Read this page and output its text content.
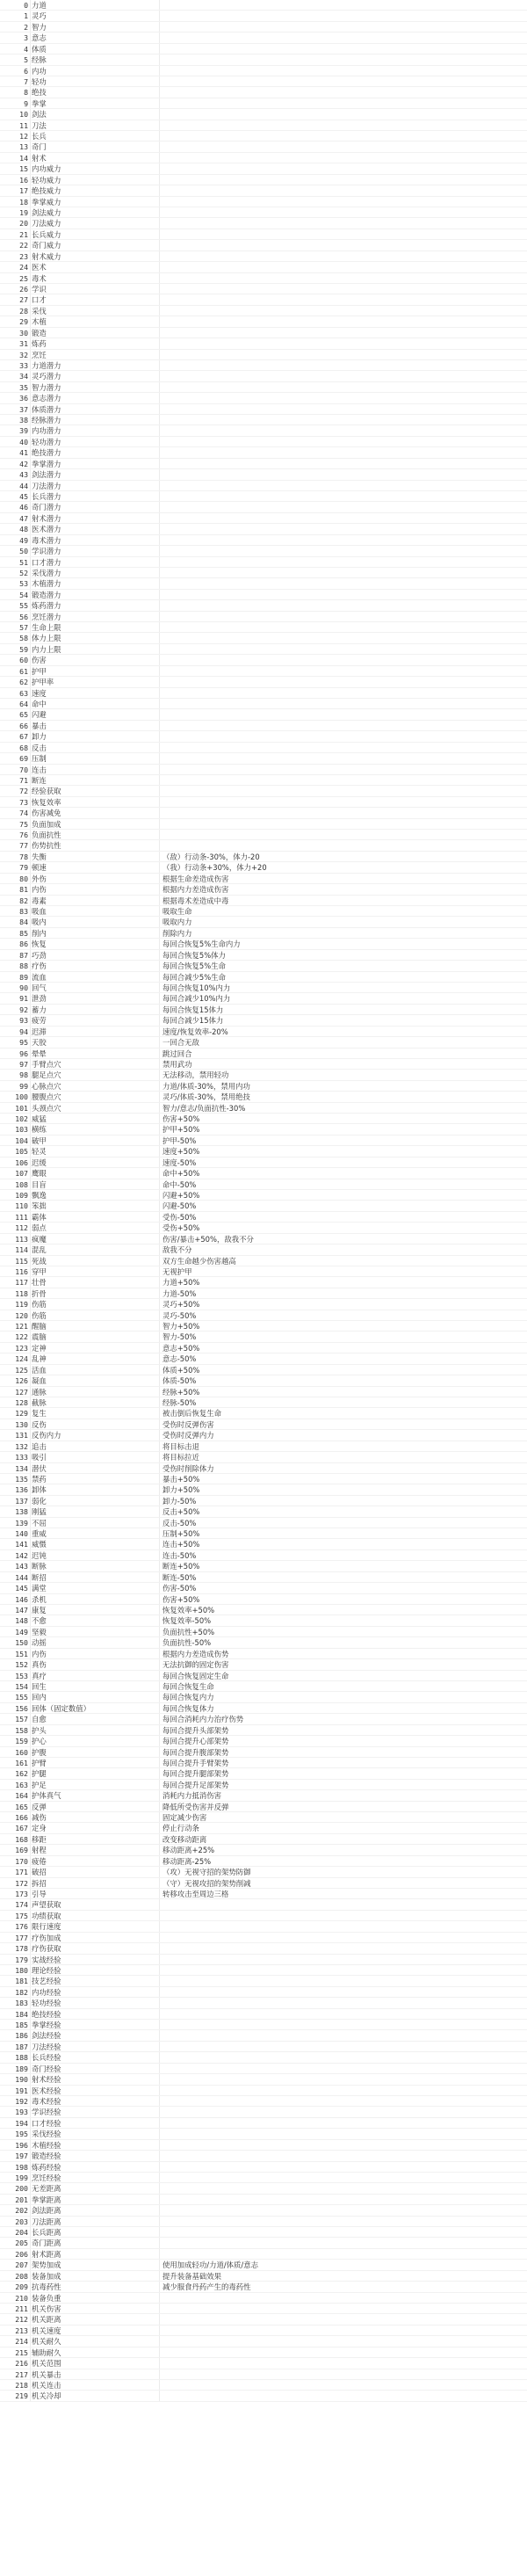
0 力道
1 灵巧
2 智力
3 意志
4 体质
5 经脉
6 内功
7 轻功
8 绝技
9 拳掌
10 剑法
11 刀法
12 长兵
13 奇门
14 射术
15 内功威力
16 轻功威力
17 绝技威力
18 拳掌威力
19 剑法威力
20 刀法威力
21 长兵威力
22 奇门威力
23 射术威力
24 医术
25 毒术
26 学识
27 口才
28 采伐
29 木植
30 锻造
31 炼药
32 烹饪
33 力道潜力
34 灵巧潜力
35 智力潜力
36 意志潜力
37 体质潜力
38 经脉潜力
39 内功潜力
40 轻功潜力
41 绝技潜力
42 拳掌潜力
43 剑法潜力
44 刀法潜力
45 长兵潜力
46 奇门潜力
47 射术潜力
48 医术潜力
49 毒术潜力
50 学识潜力
51 口才潜力
52 采伐潜力
53 木植潜力
54 锻造潜力
55 炼药潜力
56 烹饪潜力
57 生命上限
58 体力上限
59 内力上限
60 伤害
61 护甲
62 护甲率
63 速度
64 命中
65 闪避
66 暴击
67 卸力
68 反击
69 压制
70 连击
71 断连
72 经验获取
73 恢复效率
74 伤害减免
75 负面加成
76 负面抗性
77 伤势抗性
78 失衡	（敌）行动条-30%，体力-20
79 顿速	（我）行动条+30%，体力+20
80 外伤	根据生命差造成伤害
81 内伤	根据内力差造成伤害
82 毒素	根据毒术差造成中毒
83 吸血	吸取生命
84 吸内	吸取内力
85 削内	削除内力
86 恢复	每回合恢复5%生命内力
87 巧劲	每回合恢复5%体力
88 疗伤	每回合恢复5%生命
89 流血	每回合减少5%生命
90 回气	每回合恢复10%内力
91 泄劲	每回合减少10%内力
92 蓄力	每回合恢复15体力
93 疲劳	每回合减少15体力
94 迟滞	速度/恢复效率-20%
95 天胶	一回合无敌
96 晕晕	跳过回合
97 手臂点穴	禁用武功
98 腿足点穴	无法移动，禁用轻功
99 心脉点穴	力道/体质-30%，禁用内功
100 腰腹点穴	灵巧/体质-30%，禁用绝技
101 头颈点穴	智力/意志/负面抗性-30%
102 威猛	伤害+50%
103 横练	护甲+50%
104 破甲	护甲-50%
105 轻灵	速度+50%
106 迟缓	速度-50%
107 鹰眼	命中+50%
108 目盲	命中-50%
109 飘逸	闪避+50%
110 笨拙	闪避-50%
111 霸体	受伤-50%
112 弱点	受伤+50%
113 疯魔	伤害/暴击+50%，敌我不分
114 混乱	敌我不分
115 死战	双方生命越少伤害越高
116 穿甲	无视护甲
117 壮骨	力道+50%
118 折骨	力道-50%
119 伤筋	灵巧+50%
120 伤筋	灵巧-50%
121 醒脑	智力+50%
122 震脑	智力-50%
123 定神	意志+50%
124 乱神	意志-50%
125 活血	体质+50%
126 凝血	体质-50%
127 通脉	经脉+50%
128 截脉	经脉-50%
129 复生	被击倒后恢复生命
130 反伤	受伤时反弹伤害
131 反伤内力	受伤时反弹内力
132 追击	将目标击退
133 吸引	将目标拉近
134 潜伏	受伤时削除体力
135 禁药	暴击+50%
136 卸体	卸力+50%
137 弱化	卸力-50%
138 刚猛	反击+50%
139 不屈	反击-50%
140 重威	压制+50%
141 威慑	连击+50%
142 迟钝	连击-50%
143 断脉	断连+50%
144 断招	断连-50%
145 满堂	伤害-50%
146 杀机	伤害+50%
147 康复	恢复效率+50%
148 不愈	恢复效率-50%
149 坚毅	负面抗性+50%
150 动摇	负面抗性-50%
151 内伤	根据内力差造成伤势
152 真伤	无法抗御的固定伤害
153 真疗	每回合恢复固定生命
154 回生	每回合恢复生命
155 回内	每回合恢复内力
156 回体（固定数值）	每回合恢复体力
157 自愈	每回合消耗内力治疗伤势
158 护头	每回合提升头部架势
159 护心	每回合提升心部架势
160 护腹	每回合提升腹部架势
161 护臂	每回合提升手臂架势
162 护腿	每回合提升腿部架势
163 护足	每回合提升足部架势
164 护体真气	消耗内力抵消伤害
165 反弹	降低所受伤害并反弹
166 减伤	固定减少伤害
167 定身	停止行动条
168 移距	改变移动距离
169 射程	移动距离+25%
170 疲倦	移动距离-25%
171 破招	（攻）无视守招的架势防御
172 拆招	（守）无视攻招的架势削减
173 引导	转移攻击至周边三格
174 声望获取
175 功绩获取
176 限行速度
177 疗伤加成
178 疗伤获取
179 实战经验
180 理论经验
181 技艺经验
182 内功经验
183 轻功经验
184 绝技经验
185 拳掌经验
186 剑法经验
187 刀法经验
188 长兵经验
189 奇门经验
190 射术经验
191 医术经验
192 毒术经验
193 学识经验
194 口才经验
195 采伐经验
196 木植经验
197 锻造经验
198 炼药经验
199 烹饪经验
200 无差距离
201 拳掌距离
202 剑法距离
203 刀法距离
204 长兵距离
205 奇门距离
206 射术距离
207 架势加成	使用加成轻功/力道/体质/意志
208 装备加成	提升装备基础效果
209 抗毒药性	减少服食丹药产生的毒药性
210 装备负重
211 机关伤害
212 机关距离
213 机关速度
214 机关耐久
215 辅助耐久
216 机关范围
217 机关暴击
218 机关连击
219 机关冷却
